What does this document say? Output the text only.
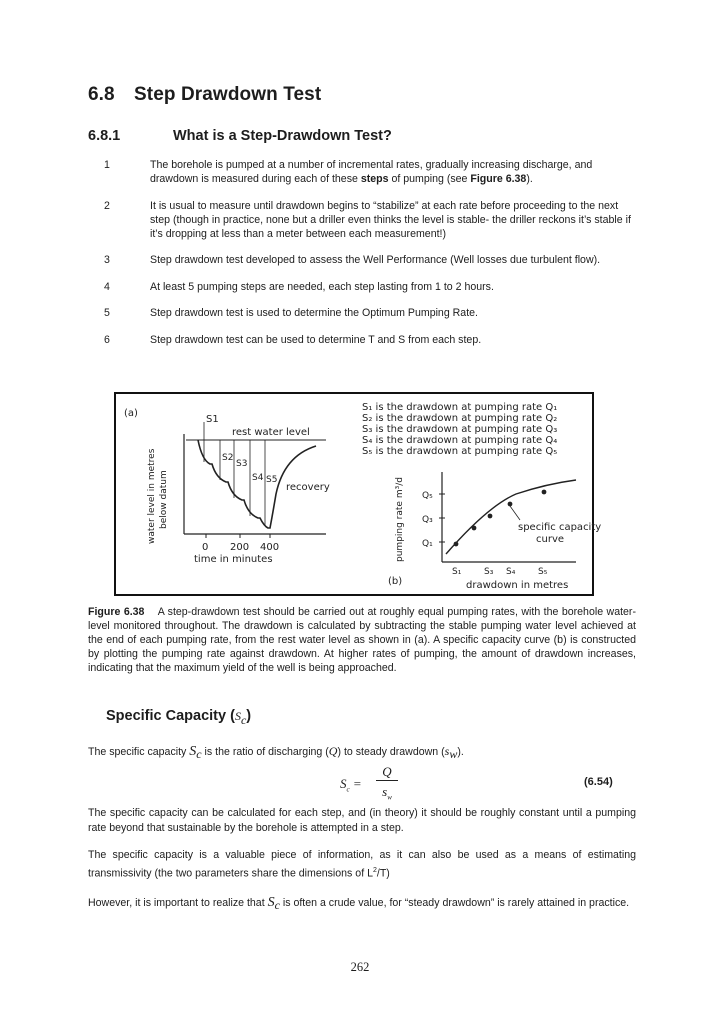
6.8 Step Drawdown Test
6.8.1	What is a Step-Drawdown Test?
1	The borehole is pumped at a number of incremental rates, gradually increasing discharge, and drawdown is measured during each of these steps of pumping (see Figure 6.38).
2	It is usual to measure until drawdown begins to “stabilize” at each rate before proceeding to the next step (though in practice, none but a driller even thinks the level is stable- the driller reckons it’s stable if it’s dropping at less than a meter between each measurement!)
3	Step drawdown test developed to assess the Well Performance (Well losses due turbulent flow).
4	At least 5 pumping steps are needed, each step lasting from 1 to 2 hours.
5	Step drawdown test is used to determine the Optimum Pumping Rate.
6	Step drawdown test can be used to determine T and S from each step.
(a)
water level in metres below datum
rest water level
S1
S2
S3
S4 S5
recovery
0 200 400
time in minutes
S₁ is the drawdown at pumping rate Q₁
S₂ is the drawdown at pumping rate Q₂
S₃ is the drawdown at pumping rate Q₃
S₄ is the drawdown at pumping rate Q₄
S₅ is the drawdown at pumping rate Q₅
(b)
pumping rate m³/d Q₅
Q₃
Q₁
specific capacity
curve
S₁	S₃ S₄	S₅
drawdown in metres
Figure 6.38 A step-drawdown test should be carried out at roughly equal pumping rates, with the borehole water-level monitored throughout. The drawdown is calculated by subtracting the stable pumping water level achieved at the end of each pumping rate, from the rest water level as shown in (a). A specific capacity curve (b) is constructed by plotting the pumping rate against drawdown. At higher rates of pumping, the amount of drawdown increases, indicating that the maximum yield of the well is being approached.
Specific Capacity $(S_c)$
The specific capacity $S_c$ is the ratio of discharging (Q) to steady drawdown $(s_w)$.
$S_c$ =
Q
$s_w$
(6.54)
The specific capacity can be calculated for each step, and (in theory) it should be roughly constant until a pumping rate beyond that sustainable by the borehole is attempted in a step.
The specific capacity is a valuable piece of information, as it can also be used as a means of estimating transmissivity (the two parameters share the dimensions of $L^2/T$)
However, it is important to realize that $S_c$ is often a crude value, for “steady drawdown” is rarely attained in practice.
262
